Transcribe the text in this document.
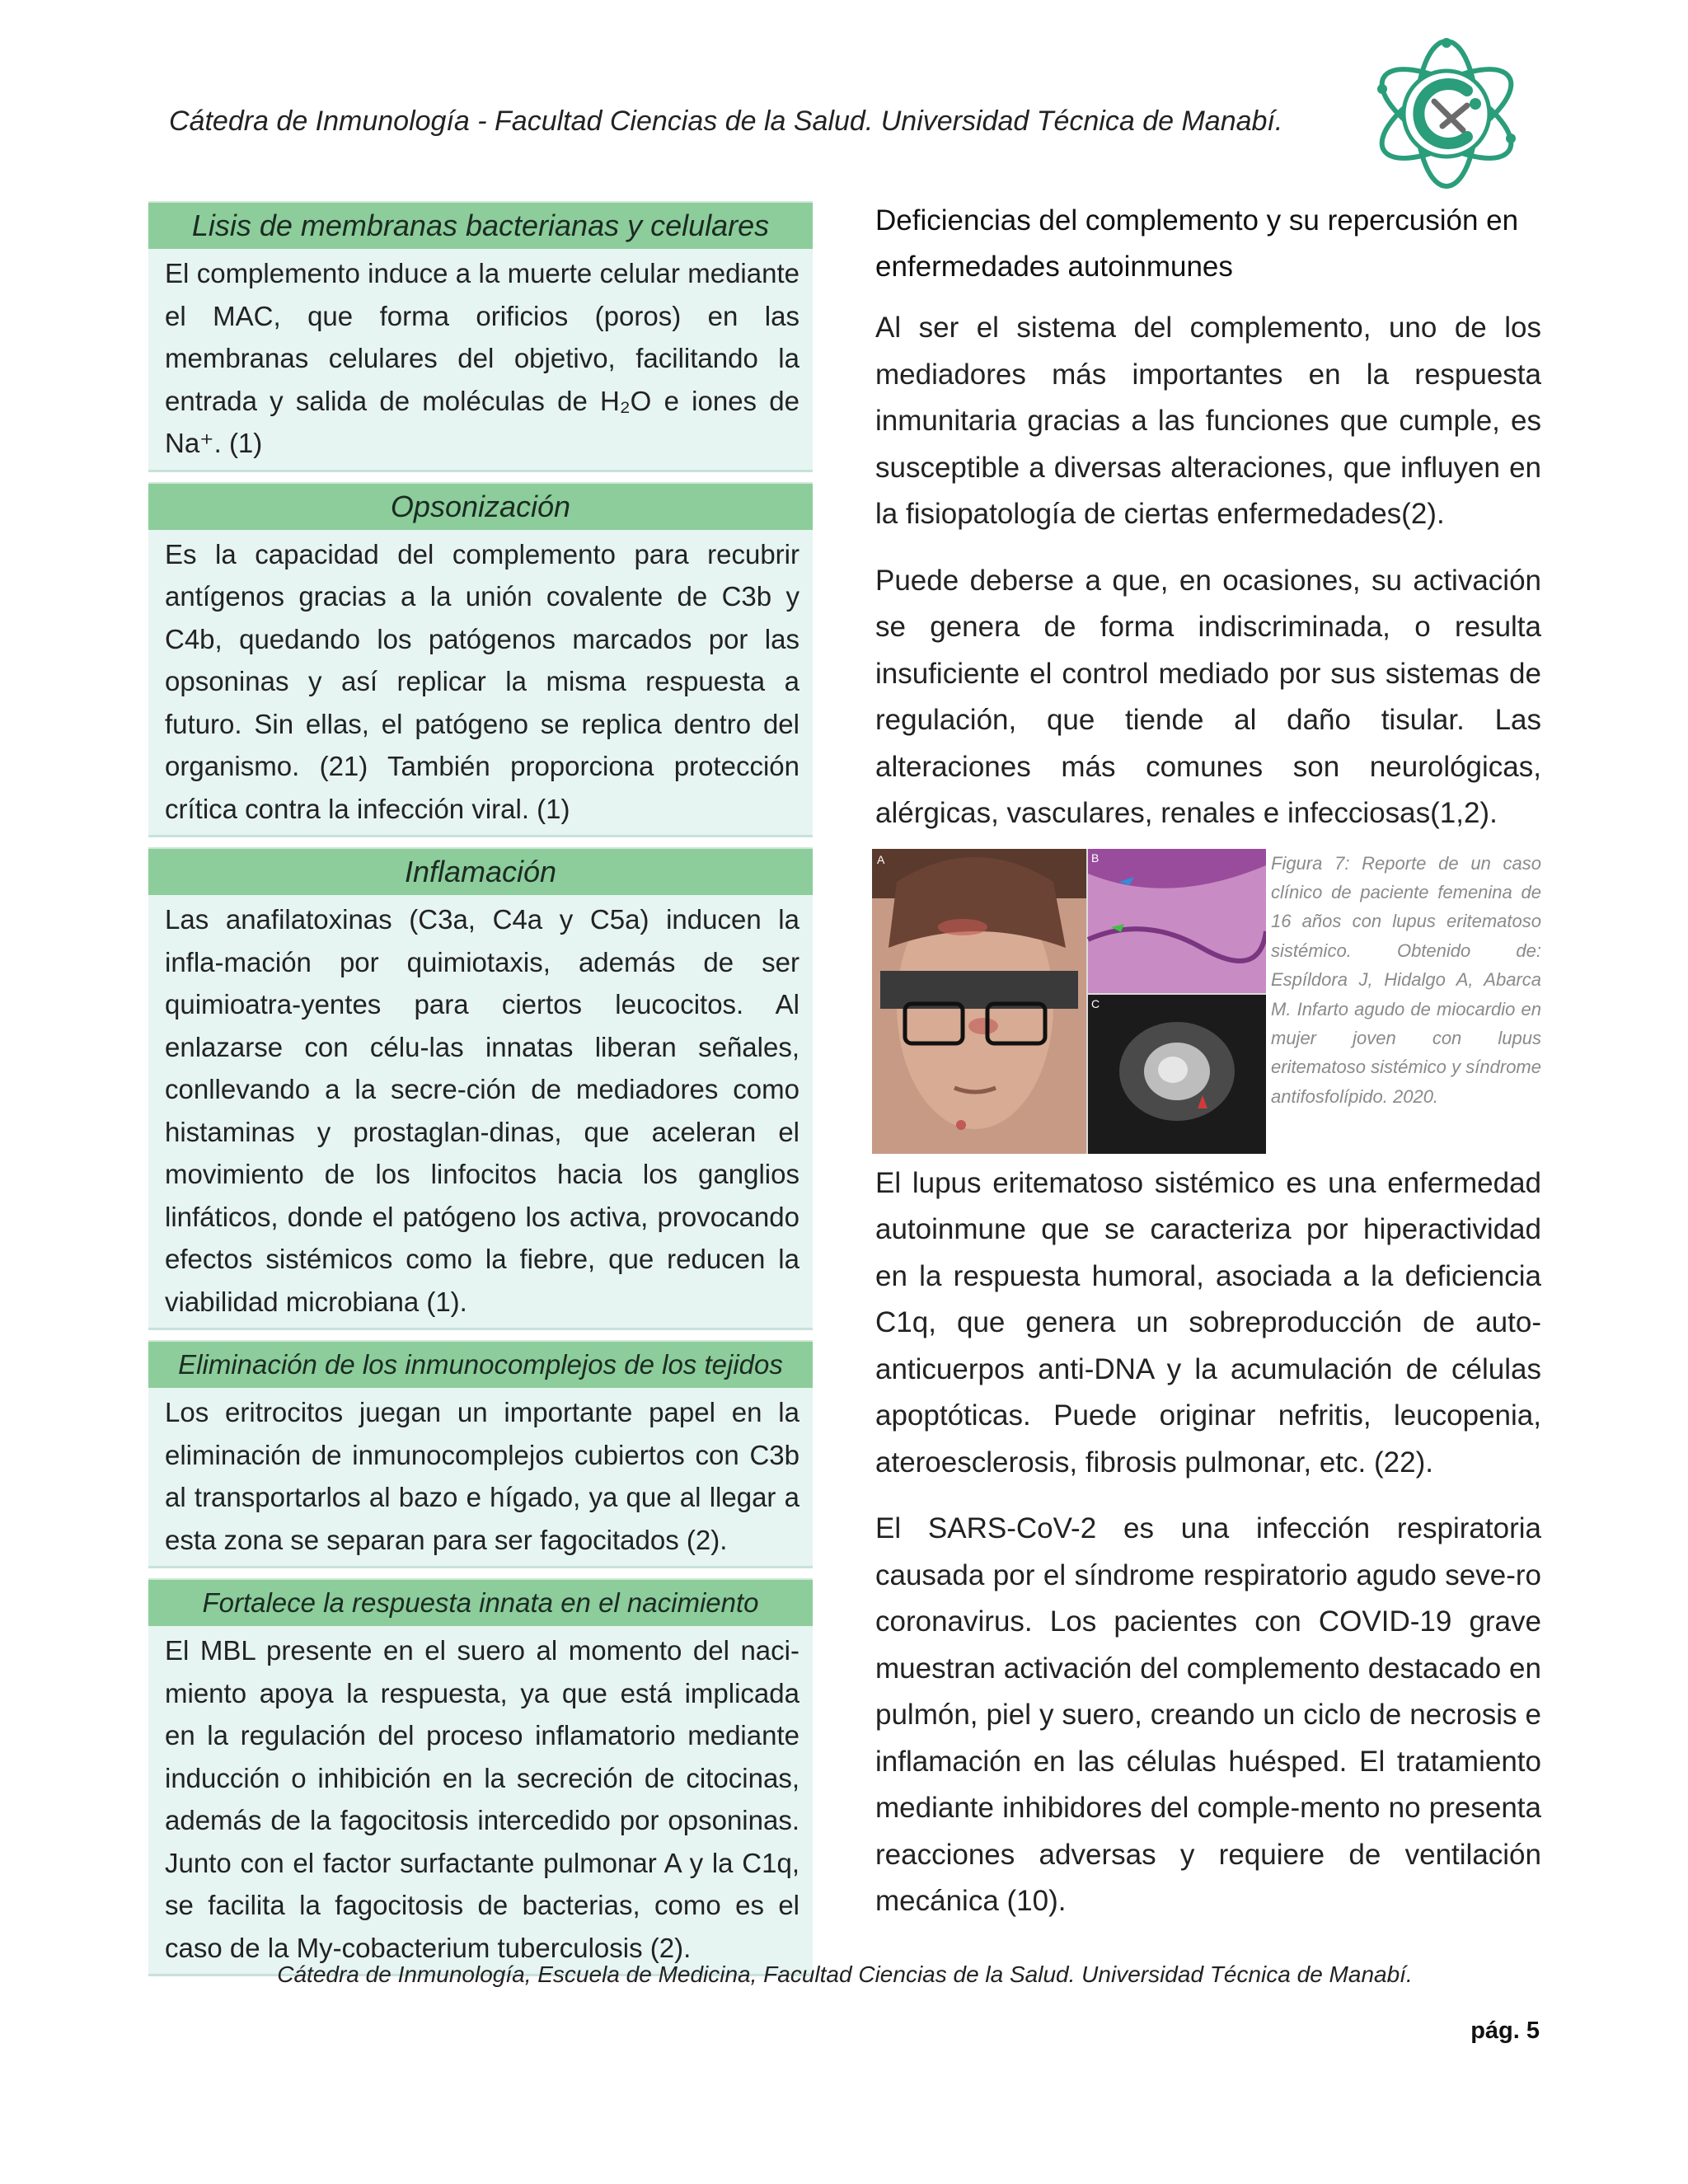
Cátedra de Inmunología - Facultad Ciencias de la Salud. Universidad Técnica de Manabí.
Lisis de membranas bacterianas y celulares
El complemento induce a la muerte celular mediante el MAC, que forma orificios (poros) en las membranas celulares del objetivo, facilitando la entrada y salida de moléculas de H₂O e iones de Na⁺. (1)
Opsonización
Es la capacidad del complemento para recubrir antígenos gracias a la unión covalente de C3b y C4b, quedando los patógenos marcados por las opsoninas y así replicar la misma respuesta a futuro. Sin ellas, el patógeno se replica dentro del organismo. (21) También proporciona protección crítica contra la infección viral. (1)
Inflamación
Las anafilatoxinas (C3a, C4a y C5a) inducen la infla-mación por quimiotaxis, además de ser quimioatra-yentes para ciertos leucocitos. Al enlazarse con célu-las innatas liberan señales, conllevando a la secre-ción de mediadores como histaminas y prostaglan-dinas, que aceleran el movimiento de los linfocitos hacia los ganglios linfáticos, donde el patógeno los activa, provocando efectos sistémicos como la fiebre, que reducen la viabilidad microbiana (1).
Eliminación de los inmunocomplejos de los tejidos
Los eritrocitos juegan un importante papel en la eliminación de inmunocomplejos cubiertos con C3b al transportarlos al bazo e hígado, ya que al llegar a esta zona se separan para ser fagocitados (2).
Fortalece la respuesta innata en el nacimiento
El MBL presente en el suero al momento del naci-miento apoya la respuesta, ya que está implicada en la regulación del proceso inflamatorio mediante inducción o inhibición en la secreción de citocinas, además de la fagocitosis intercedido por opsoninas. Junto con el factor surfactante pulmonar A y la C1q, se facilita la fagocitosis de bacterias, como es el caso de la My-cobacterium tuberculosis (2).
Deficiencias del complemento y su repercusión en enfermedades autoinmunes

Al ser el sistema del complemento, uno de los mediadores más importantes en la respuesta inmunitaria gracias a las funciones que cumple, es susceptible a diversas alteraciones, que influyen en la fisiopatología de ciertas enfermedades(2).

Puede deberse a que, en ocasiones, su activación se genera de forma indiscriminada, o resulta insuficiente el control mediado por sus sistemas de regulación, que tiende al daño tisular. Las alteraciones más comunes son neurológicas, alérgicas, vasculares, renales e infecciosas(1,2).

A	B
C
Figura 7: Reporte de un caso clínico de paciente femenina de 16 años con lupus eritematoso sistémico. Obtenido de: Espíldora J, Hidalgo A, Abarca M. Infarto agudo de miocardio en mujer joven con lupus eritematoso sistémico y síndrome antifosfolípido. 2020.

El lupus eritematoso sistémico es una enfermedad autoinmune que se caracteriza por hiperactividad en la respuesta humoral, asociada a la deficiencia C1q, que genera un sobreproducción de auto-anticuerpos anti-DNA y la acumulación de células apoptóticas. Puede originar nefritis, leucopenia, ateroesclerosis, fibrosis pulmonar, etc. (22).

El SARS-CoV-2 es una infección respiratoria causada por el síndrome respiratorio agudo seve-ro coronavirus. Los pacientes con COVID-19 grave muestran activación del complemento destacado en pulmón, piel y suero, creando un ciclo de necrosis e inflamación en las células huésped. El tratamiento mediante inhibidores del comple-mento no presenta reacciones adversas y requiere de ventilación mecánica (10).

Cátedra de Inmunología, Escuela de Medicina, Facultad Ciencias de la Salud. Universidad Técnica de Manabí.
pág. 5
